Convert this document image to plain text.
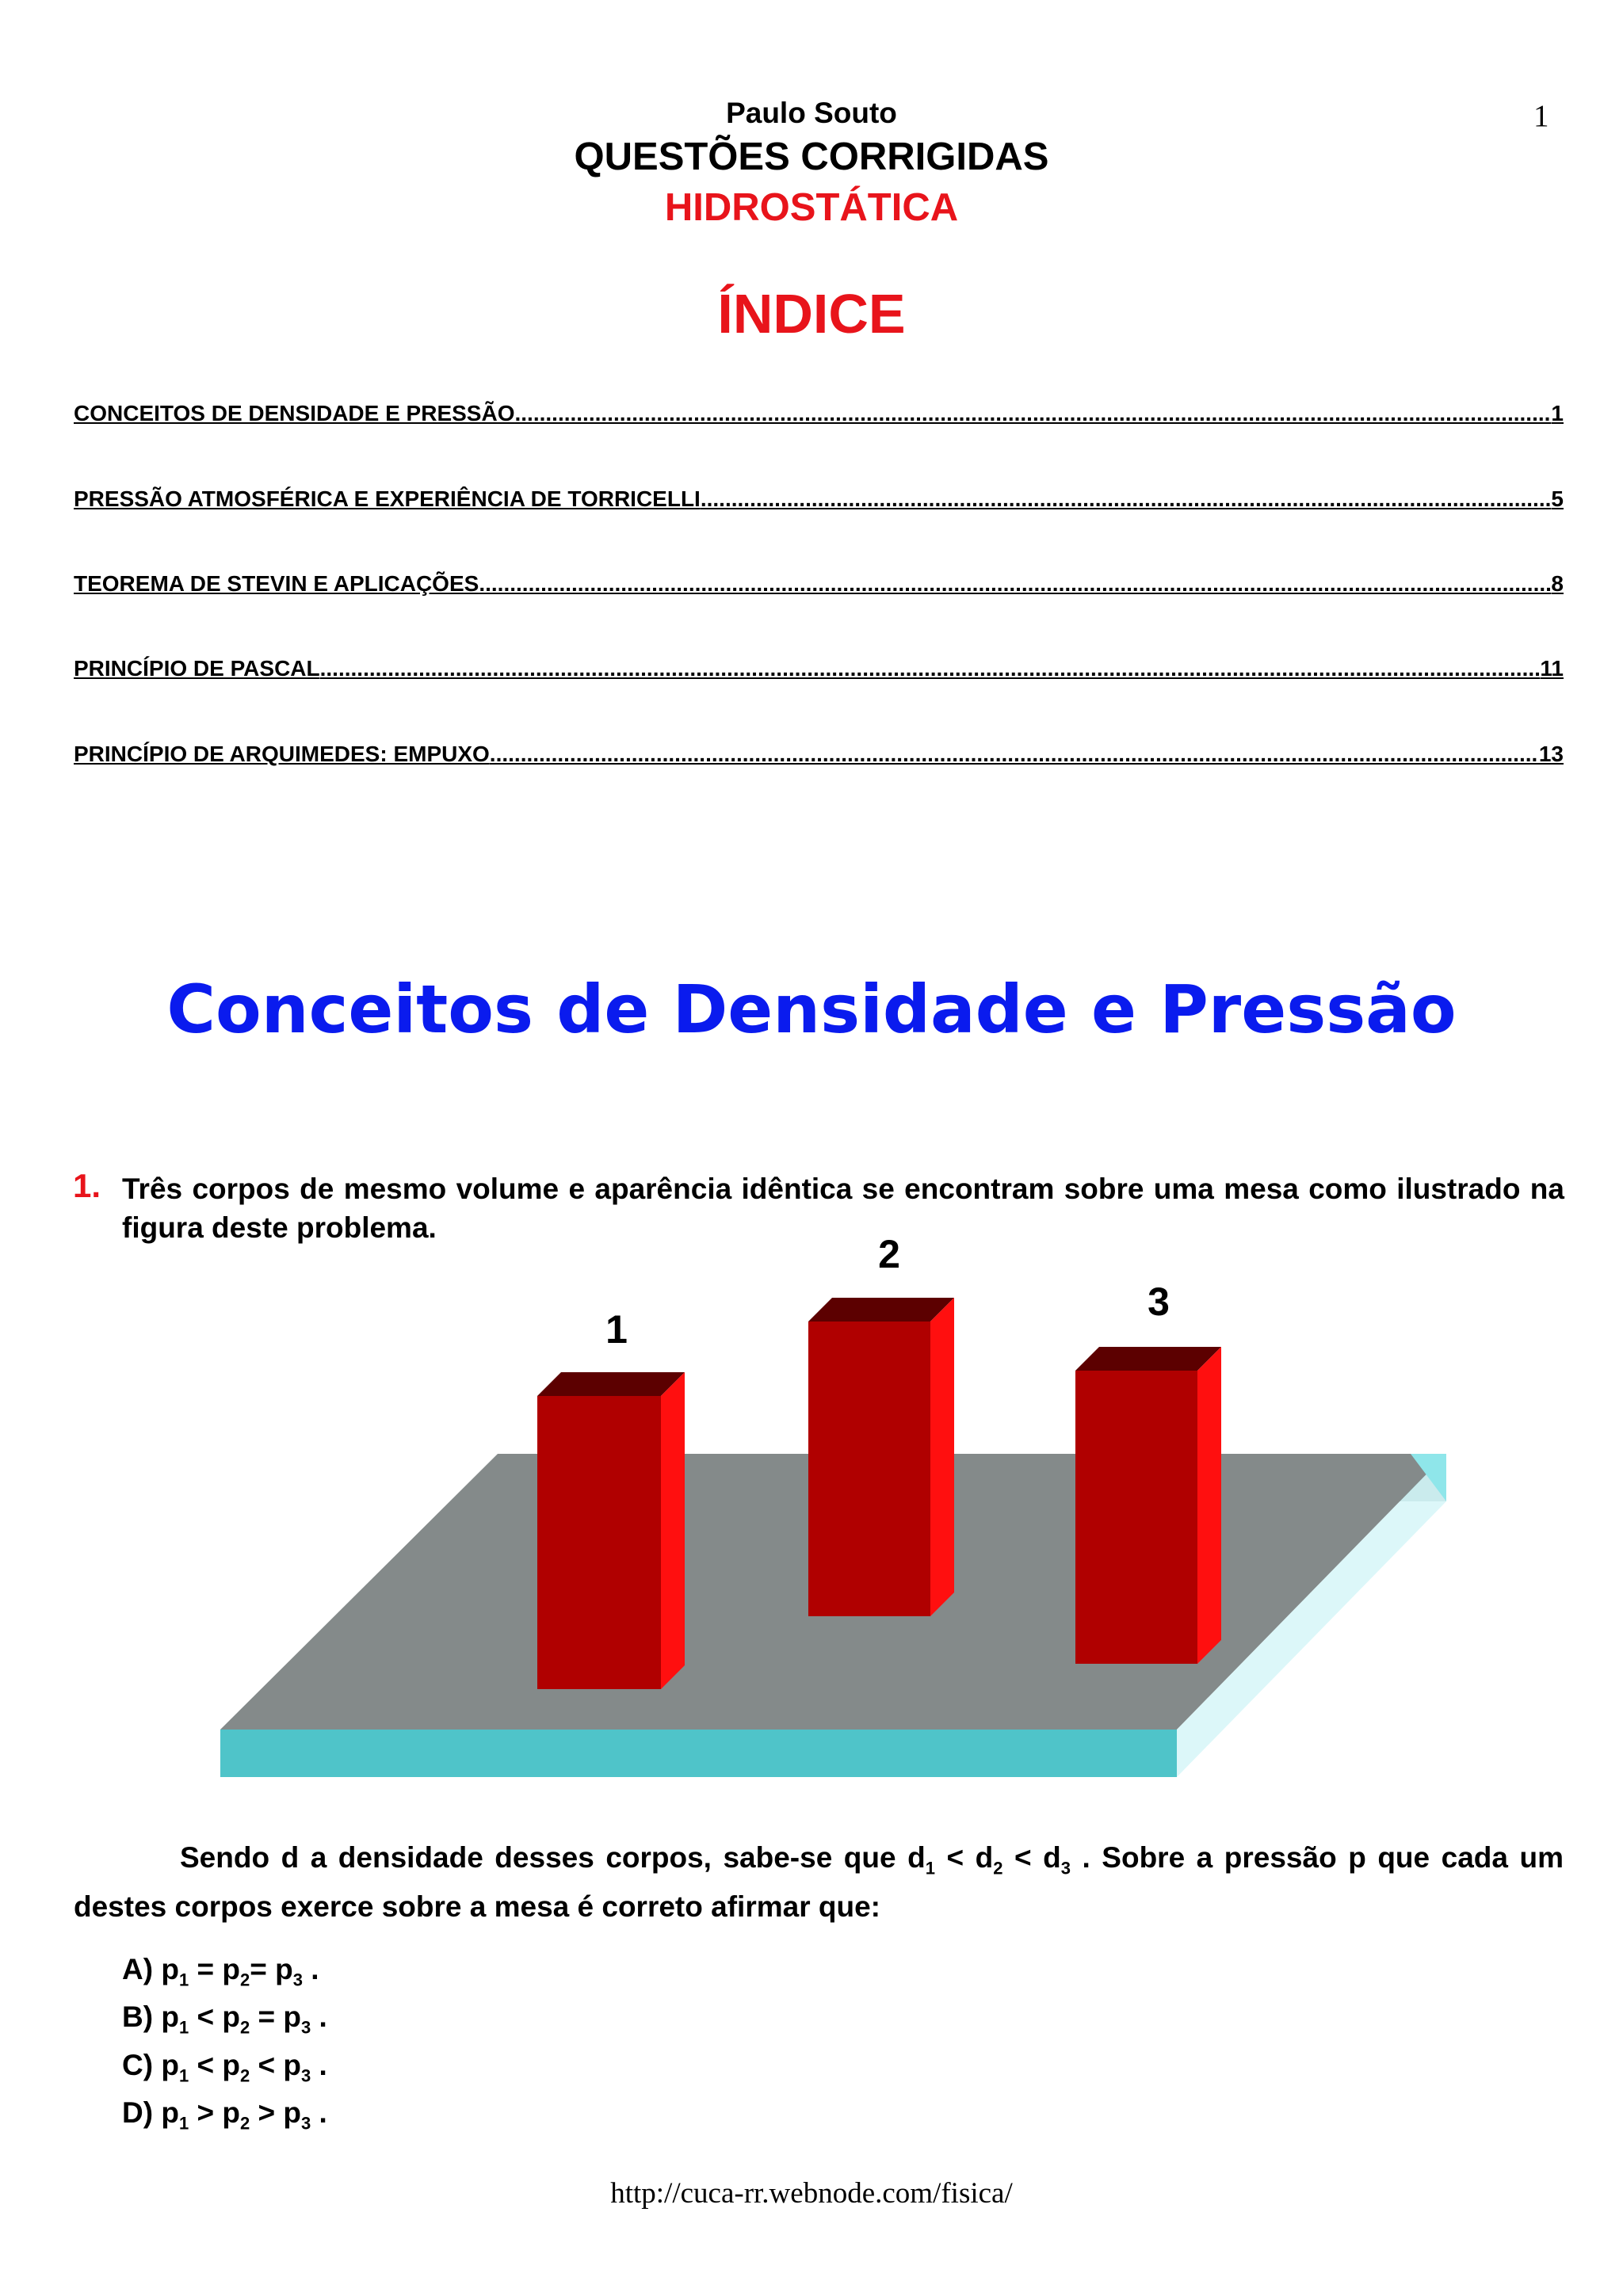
Paulo Souto
QUESTÕES CORRIGIDAS
HIDROSTÁTICA
1
ÍNDICE
CONCEITOS DE DENSIDADE E PRESSÃO .....	1
PRESSÃO ATMOSFÉRICA E EXPERIÊNCIA DE TORRICELLI .....	5
TEOREMA DE STEVIN E APLICAÇÕES .....	8
PRINCÍPIO DE PASCAL .....	11
PRINCÍPIO DE ARQUIMEDES: EMPUXO .....	13
Conceitos de Densidade e Pressão
1. Três corpos de mesmo volume e aparência idêntica se encontram sobre uma mesa como ilustrado na figura deste problema.
1
2
3
Sendo d a densidade desses corpos, sabe-se que $d_1 < d_2 < d_3$ . Sobre a pressão p que cada um destes corpos exerce sobre a mesa é correto afirmar que:
A) $p_1 = p_2= p_3$ .
B) $p_1 < p_2 = p_3$ .
C) $p_1 < p_2 < p_3$ .
D) $p_1 > p_2 > p_3$ .
http://cuca-rr.webnode.com/fisica/
